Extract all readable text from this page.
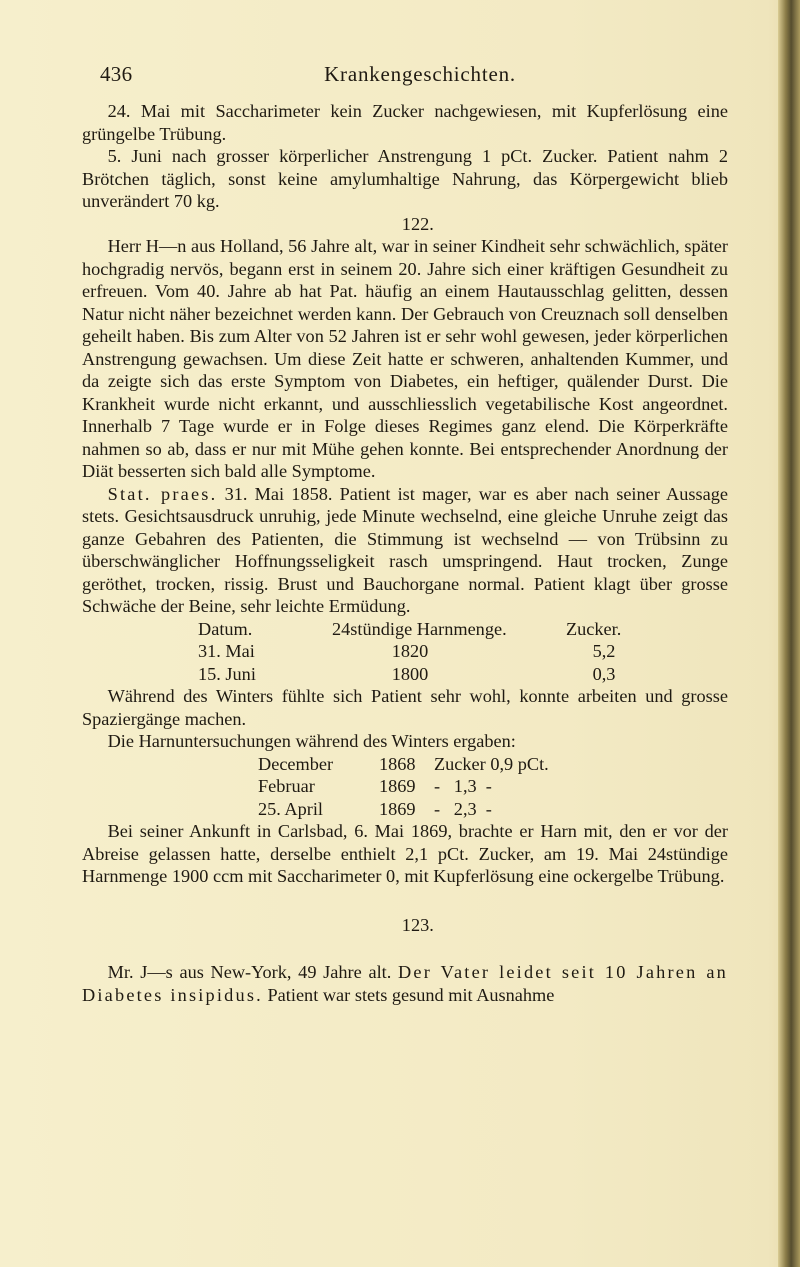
436	Krankengeschichten.

24. Mai mit Saccharimeter kein Zucker nachgewiesen, mit Kupferlösung eine grüngelbe Trübung.

5. Juni nach grosser körperlicher Anstrengung 1 pCt. Zucker. Patient nahm 2 Brötchen täglich, sonst keine amylumhaltige Nahrung, das Körpergewicht blieb unverändert 70 kg.

122.

Herr H—n aus Holland, 56 Jahre alt, war in seiner Kindheit sehr schwächlich, später hochgradig nervös, begann erst in seinem 20. Jahre sich einer kräftigen Gesundheit zu erfreuen. Vom 40. Jahre ab hat Pat. häufig an einem Hautausschlag gelitten, dessen Natur nicht näher bezeichnet werden kann. Der Gebrauch von Creuznach soll denselben geheilt haben. Bis zum Alter von 52 Jahren ist er sehr wohl gewesen, jeder körperlichen Anstrengung gewachsen. Um diese Zeit hatte er schweren, anhaltenden Kummer, und da zeigte sich das erste Symptom von Diabetes, ein heftiger, quälender Durst. Die Krankheit wurde nicht erkannt, und ausschliesslich vegetabilische Kost angeordnet. Innerhalb 7 Tage wurde er in Folge dieses Regimes ganz elend. Die Körperkräfte nahmen so ab, dass er nur mit Mühe gehen konnte. Bei entsprechender Anordnung der Diät besserten sich bald alle Symptome.

Stat. praes. 31. Mai 1858. Patient ist mager, war es aber nach seiner Aussage stets. Gesichtsausdruck unruhig, jede Minute wechselnd, eine gleiche Unruhe zeigt das ganze Gebahren des Patienten, die Stimmung ist wechselnd — von Trübsinn zu überschwänglicher Hoffnungsseligkeit rasch umspringend. Haut trocken, Zunge geröthet, trocken, rissig. Brust und Bauchorgane normal. Patient klagt über grosse Schwäche der Beine, sehr leichte Ermüdung.

Datum.	24stündige Harnmenge.	Zucker.
31. Mai	1820	5,2
15. Juni	1800	0,3

Während des Winters fühlte sich Patient sehr wohl, konnte arbeiten und grosse Spaziergänge machen.

Die Harnuntersuchungen während des Winters ergaben:

December	1868 Zucker 0,9 pCt.
Februar	1869 -   1,3  -
25. April	1869 -   2,3  -

Bei seiner Ankunft in Carlsbad, 6. Mai 1869, brachte er Harn mit, den er vor der Abreise gelassen hatte, derselbe enthielt 2,1 pCt. Zucker, am 19. Mai 24stündige Harnmenge 1900 ccm mit Saccharimeter 0, mit Kupferlösung eine ockergelbe Trübung.

123.

Mr. J—s aus New-York, 49 Jahre alt. Der Vater leidet seit 10 Jahren an Diabetes insipidus. Patient war stets gesund mit Ausnahme
